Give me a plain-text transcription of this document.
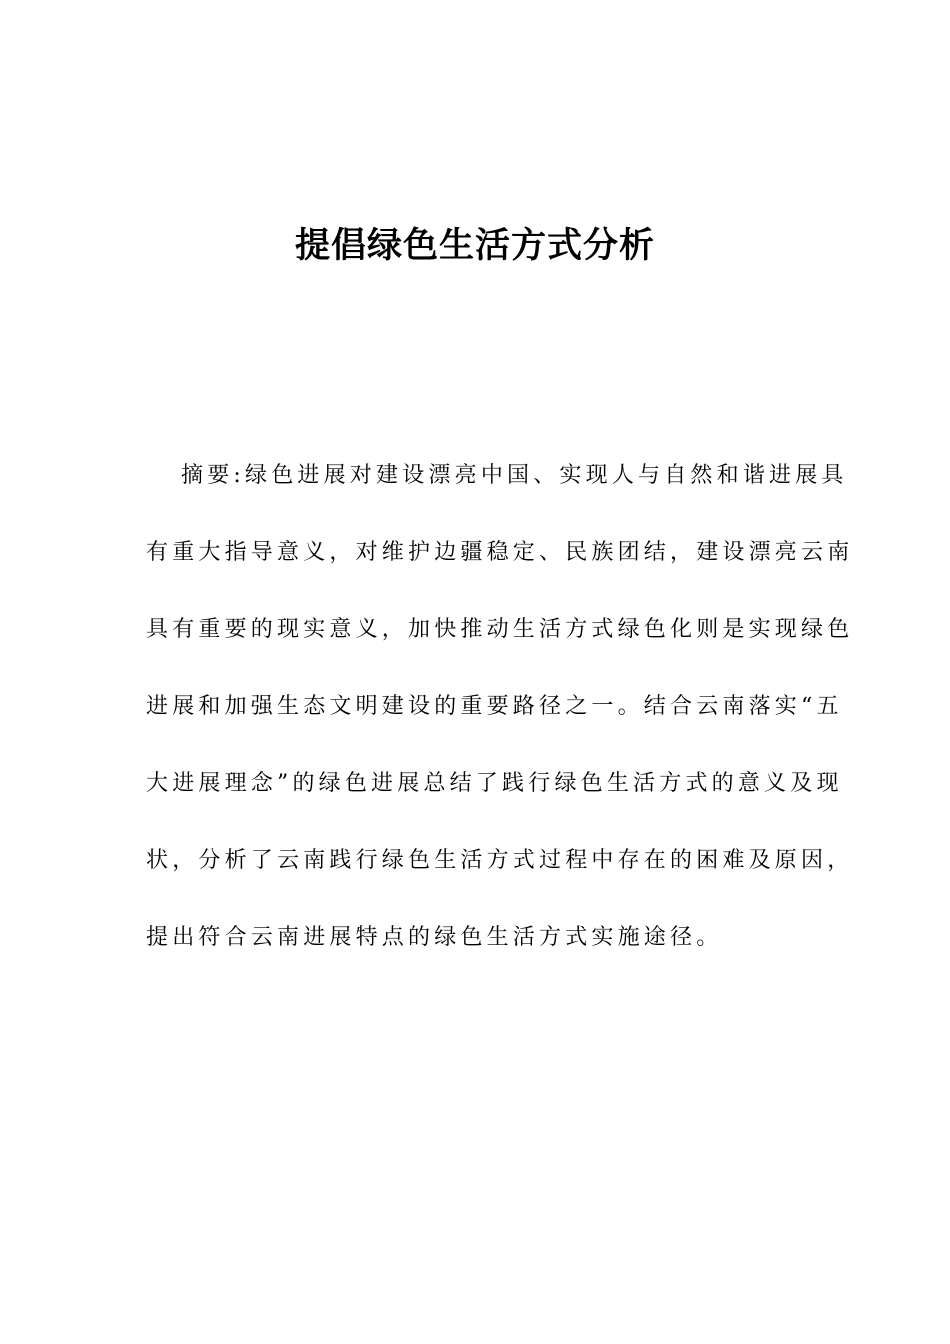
提倡绿色生活方式分析
摘要:绿色进展对建设漂亮中国、实现人与自然和谐进展具
有重大指导意义，对维护边疆稳定、民族团结，建设漂亮云南
具有重要的现实意义，加快推动生活方式绿色化则是实现绿色
进展和加强生态文明建设的重要路径之一。结合云南落实“五
大进展理念”的绿色进展总结了践行绿色生活方式的意义及现
状，分析了云南践行绿色生活方式过程中存在的困难及原因，
提出符合云南进展特点的绿色生活方式实施途径。
